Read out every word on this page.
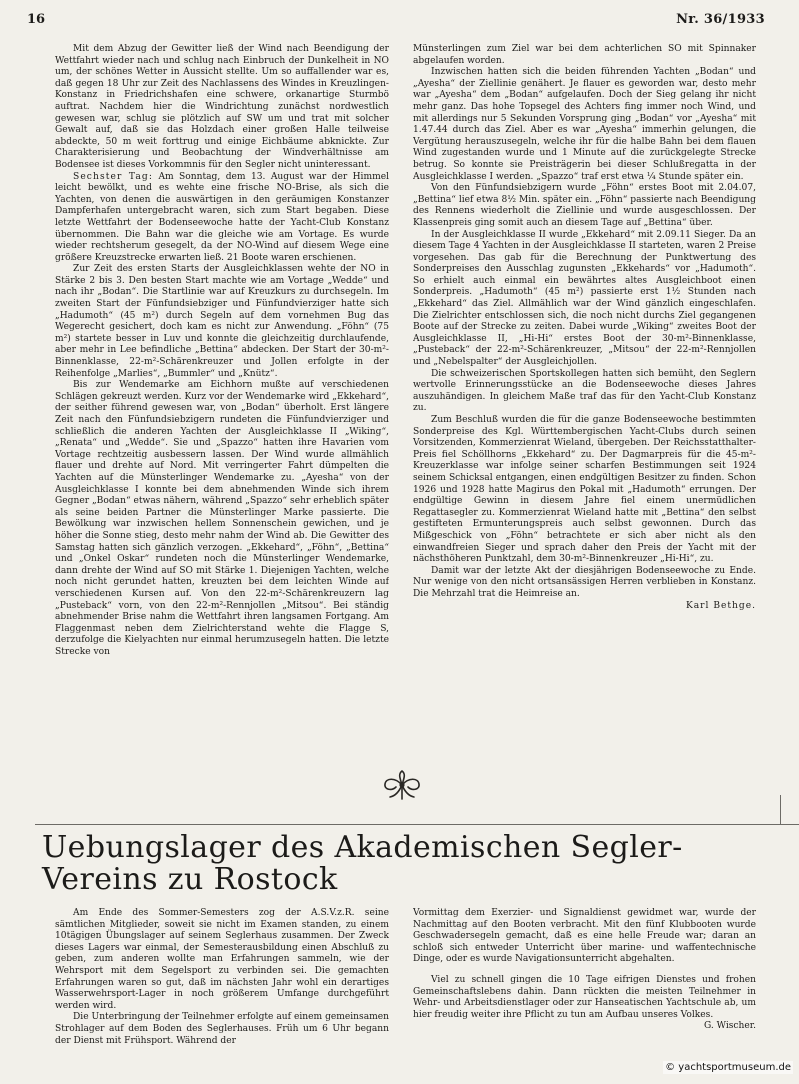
16	Nr. 36/1933

Mit dem Abzug der Gewitter ließ der Wind nach Beendigung der Wettfahrt wieder nach und schlug nach Einbruch der Dunkelheit in NO um, der schönes Wetter in Aussicht stellte. Um so auffallender war es, daß gegen 18 Uhr zur Zeit des Nachlassens des Windes in Kreuzlingen-Konstanz in Friedrichshafen eine schwere, orkanartige Sturmbö auftrat. Nachdem hier die Windrichtung zunächst nordwestlich gewesen war, schlug sie plötzlich auf SW um und trat mit solcher Gewalt auf, daß sie das Holzdach einer großen Halle teilweise abdeckte, 50 m weit forttrug und einige Eichbäume abknickte. Zur Charakterisierung und Beobachtung der Windverhältnisse am Bodensee ist dieses Vorkommnis für den Segler nicht uninteressant.

Sechster Tag: Am Sonntag, dem 13. August war der Himmel leicht bewölkt, und es wehte eine frische NO-Brise, als sich die Yachten, von denen die auswärtigen in den geräumigen Konstanzer Dampferhafen untergebracht waren, sich zum Start begaben. Diese letzte Wettfahrt der Bodenseewoche hatte der Yacht-Club Konstanz übernommen. Die Bahn war die gleiche wie am Vortage. Es wurde wieder rechtsherum gesegelt, da der NO-Wind auf diesem Wege eine größere Kreuzstrecke erwarten ließ. 21 Boote waren erschienen.

Zur Zeit des ersten Starts der Ausgleichklassen wehte der NO in Stärke 2 bis 3. Den besten Start machte wie am Vortage „Wedde“ und nach ihr „Bodan“. Die Startlinie war auf Kreuzkurs zu durchsegeln. Im zweiten Start der Fünfundsiebziger und Fünfundvierziger hatte sich „Hadumoth“ (45 m²) durch Segeln auf dem vornehmen Bug das Wegerecht gesichert, doch kam es nicht zur Anwendung. „Föhn“ (75 m²) startete besser in Luv und konnte die gleichzeitig durchlaufende, aber mehr in Lee befindliche „Bettina“ abdecken. Der Start der 30-m²-Binnenklasse, 22-m²-Schärenkreuzer und Jollen erfolgte in der Reihenfolge „Marlies“, „Bummler“ und „Knütz“.

Bis zur Wendemarke am Eichhorn mußte auf verschiedenen Schlägen gekreuzt werden. Kurz vor der Wendemarke wird „Ekkehard“, der seither führend gewesen war, von „Bodan“ überholt. Erst längere Zeit nach den Fünfundsiebzigern rundeten die Fünfundvierziger und schließlich die anderen Yachten der Ausgleichklasse II „Wiking“, „Renata“ und „Wedde“. Sie und „Spazzo“ hatten ihre Havarien vom Vortage rechtzeitig ausbessern lassen. Der Wind wurde allmählich flauer und drehte auf Nord. Mit verringerter Fahrt dümpelten die Yachten auf die Münsterlinger Wendemarke zu. „Ayesha“ von der Ausgleichklasse I konnte bei dem abnehmenden Winde sich ihrem Gegner „Bodan“ etwas nähern, während „Spazzo“ sehr erheblich später als seine beiden Partner die Münsterlinger Marke passierte. Die Bewölkung war inzwischen hellem Sonnenschein gewichen, und je höher die Sonne stieg, desto mehr nahm der Wind ab. Die Gewitter des Samstag hatten sich gänzlich verzogen. „Ekkehard“, „Föhn“, „Bettina“ und „Onkel Oskar“ rundeten noch die Münsterlinger Wendemarke, dann drehte der Wind auf SO mit Stärke 1. Diejenigen Yachten, welche noch nicht gerundet hatten, kreuzten bei dem leichten Winde auf verschiedenen Kursen auf. Von den 22-m²-Schärenkreuzern lag „Pusteback“ vorn, von den 22-m²-Rennjollen „Mitsou“. Bei ständig abnehmender Brise nahm die Wettfahrt ihren langsamen Fortgang. Am Flaggenmast neben dem Zielrichterstand wehte die Flagge S, derzufolge die Kielyachten nur einmal herumzusegeln hatten. Die letzte Strecke von

Münsterlingen zum Ziel war bei dem achterlichen SO mit Spinnaker abgelaufen worden.

Inzwischen hatten sich die beiden führenden Yachten „Bodan“ und „Ayesha“ der Ziellinie genähert. Je flauer es geworden war, desto mehr war „Ayesha“ dem „Bodan“ aufgelaufen. Doch der Sieg gelang ihr nicht mehr ganz. Das hohe Topsegel des Achters fing immer noch Wind, und mit allerdings nur 5 Sekunden Vorsprung ging „Bodan“ vor „Ayesha“ mit 1.47.44 durch das Ziel. Aber es war „Ayesha“ immerhin gelungen, die Vergütung herauszusegeln, welche ihr für die halbe Bahn bei dem flauen Wind zugestanden wurde und 1 Minute auf die zurückgelegte Strecke betrug. So konnte sie Preisträgerin bei dieser Schlußregatta in der Ausgleichklasse I werden. „Spazzo“ traf erst etwa ¼ Stunde später ein.

Von den Fünfundsiebzigern wurde „Föhn“ erstes Boot mit 2.04.07, „Bettina“ lief etwa 8½ Min. später ein. „Föhn“ passierte nach Beendigung des Rennens wiederholt die Ziellinie und wurde ausgeschlossen. Der Klassenpreis ging somit auch an diesem Tage auf „Bettina“ über.

In der Ausgleichklasse II wurde „Ekkehard“ mit 2.09.11 Sieger. Da an diesem Tage 4 Yachten in der Ausgleichklasse II starteten, waren 2 Preise vorgesehen. Das gab für die Berechnung der Punktwertung des Sonderpreises den Ausschlag zugunsten „Ekkehards“ vor „Hadumoth“. So erhielt auch einmal ein bewährtes altes Ausgleichboot einen Sonderpreis. „Hadumoth“ (45 m²) passierte erst 1½ Stunden nach „Ekkehard“ das Ziel. Allmählich war der Wind gänzlich eingeschlafen. Die Zielrichter entschlossen sich, die noch nicht durchs Ziel gegangenen Boote auf der Strecke zu zeiten. Dabei wurde „Wiking“ zweites Boot der Ausgleichklasse II, „Hi-Hi“ erstes Boot der 30-m²-Binnenklasse, „Pusteback“ der 22-m²-Schärenkreuzer, „Mitsou“ der 22-m²-Rennjollen und „Nebelspalter“ der Ausgleichjollen.

Die schweizerischen Sportskollegen hatten sich bemüht, den Seglern wertvolle Erinnerungsstücke an die Bodenseewoche dieses Jahres auszuhändigen. In gleichem Maße traf das für den Yacht-Club Konstanz zu.

Zum Beschluß wurden die für die ganze Bodenseewoche bestimmten Sonderpreise des Kgl. Württembergischen Yacht-Clubs durch seinen Vorsitzenden, Kommerzienrat Wieland, übergeben. Der Reichsstatthalter-Preis fiel Schöllhorns „Ekkehard“ zu. Der Dagmarpreis für die 45-m²-Kreuzerklasse war infolge seiner scharfen Bestimmungen seit 1924 seinem Schicksal entgangen, einen endgültigen Besitzer zu finden. Schon 1926 und 1928 hatte Magirus den Pokal mit „Hadumoth“ errungen. Der endgültige Gewinn in diesem Jahre fiel einem unermüdlichen Regattasegler zu. Kommerzienrat Wieland hatte mit „Bettina“ den selbst gestifteten Ermunterungspreis auch selbst gewonnen. Durch das Mißgeschick von „Föhn“ betrachtete er sich aber nicht als den einwandfreien Sieger und sprach daher den Preis der Yacht mit der nächsthöheren Punktzahl, dem 30-m²-Binnenkreuzer „Hi-Hi“, zu.

Damit war der letzte Akt der diesjährigen Bodenseewoche zu Ende. Nur wenige von den nicht ortsansässigen Herren verblieben in Konstanz. Die Mehrzahl trat die Heimreise an.

Karl Bethge.

Uebungslager des Akademischen Segler-Vereins zu Rostock

Am Ende des Sommer-Semesters zog der A.S.V.z.R. seine sämtlichen Mitglieder, soweit sie nicht im Examen standen, zu einem 10tägigen Übungslager auf seinem Seglerhaus zusammen. Der Zweck dieses Lagers war einmal, der Semesterausbildung einen Abschluß zu geben, zum anderen wollte man Erfahrungen sammeln, wie der Wehrsport mit dem Segelsport zu verbinden sei. Die gemachten Erfahrungen waren so gut, daß im nächsten Jahr wohl ein derartiges Wasserwehrsport-Lager in noch größerem Umfange durchgeführt werden wird.

Die Unterbringung der Teilnehmer erfolgte auf einem gemeinsamen Strohlager auf dem Boden des Seglerhauses. Früh um 6 Uhr begann der Dienst mit Frühsport. Während der

Vormittag dem Exerzier- und Signaldienst gewidmet war, wurde der Nachmittag auf den Booten verbracht. Mit den fünf Klubbooten wurde Geschwadersegeln gemacht, daß es eine helle Freude war; daran an schloß sich entweder Unterricht über marine- und waffentechnische Dinge, oder es wurde Navigationsunterricht abgehalten.

Viel zu schnell gingen die 10 Tage eifrigen Dienstes und frohen Gemeinschaftslebens dahin. Dann rückten die meisten Teilnehmer in Wehr- und Arbeitsdienstlager oder zur Hanseatischen Yachtschule ab, um hier freudig weiter ihre Pflicht zu tun am Aufbau unseres Volkes.

G. Wischer.

© yachtsportmuseum.de
